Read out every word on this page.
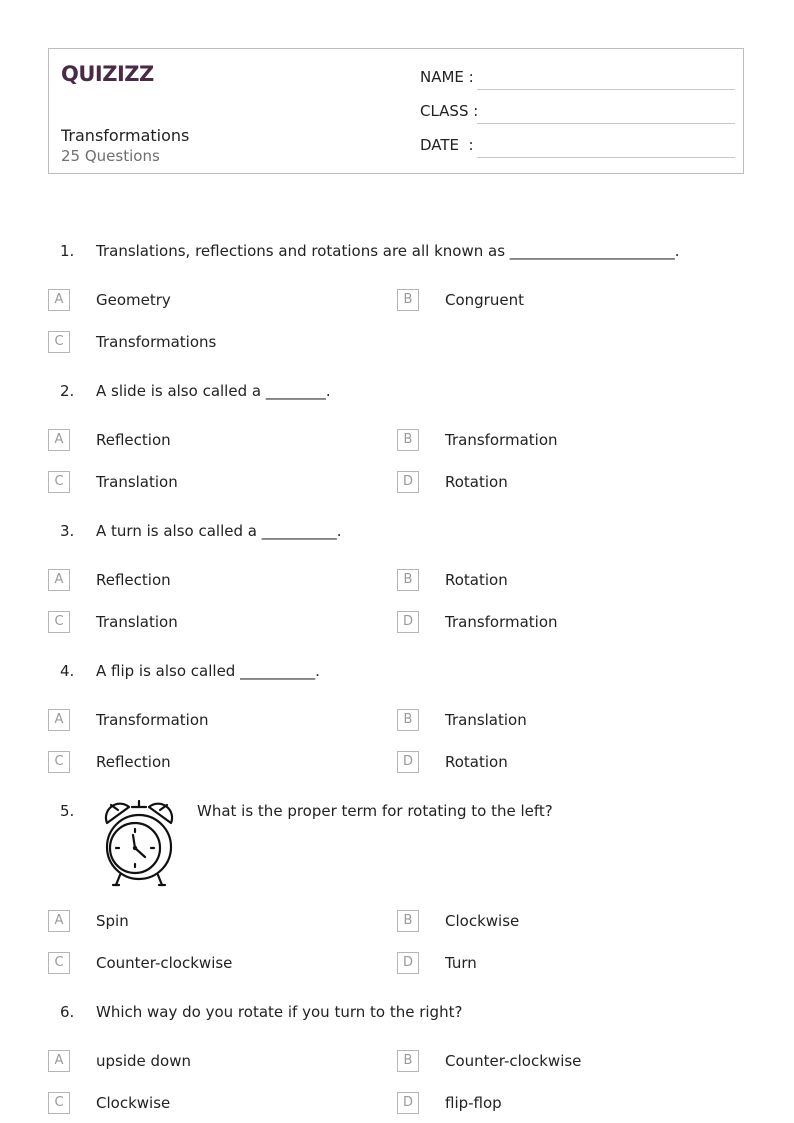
QUIZIZZ
Transformations
25 Questions
NAME :
CLASS :
DATE  :
1. Translations, reflections and rotations are all known as ______________________.
A	Geometry	B	Congruent
C	Transformations
2. A slide is also called a ________.
A	Reflection	B	Transformation
C	Translation	D	Rotation
3. A turn is also called a __________.
A	Reflection	B	Rotation
C	Translation	D	Transformation
4. A flip is also called __________.
A	Transformation	B	Translation
C	Reflection	D	Rotation
5.	What is the proper term for rotating to the left?
A	Spin	B	Clockwise
C	Counter-clockwise	D	Turn
6. Which way do you rotate if you turn to the right?
A	upside down	B	Counter-clockwise
C	Clockwise	D	flip-flop
